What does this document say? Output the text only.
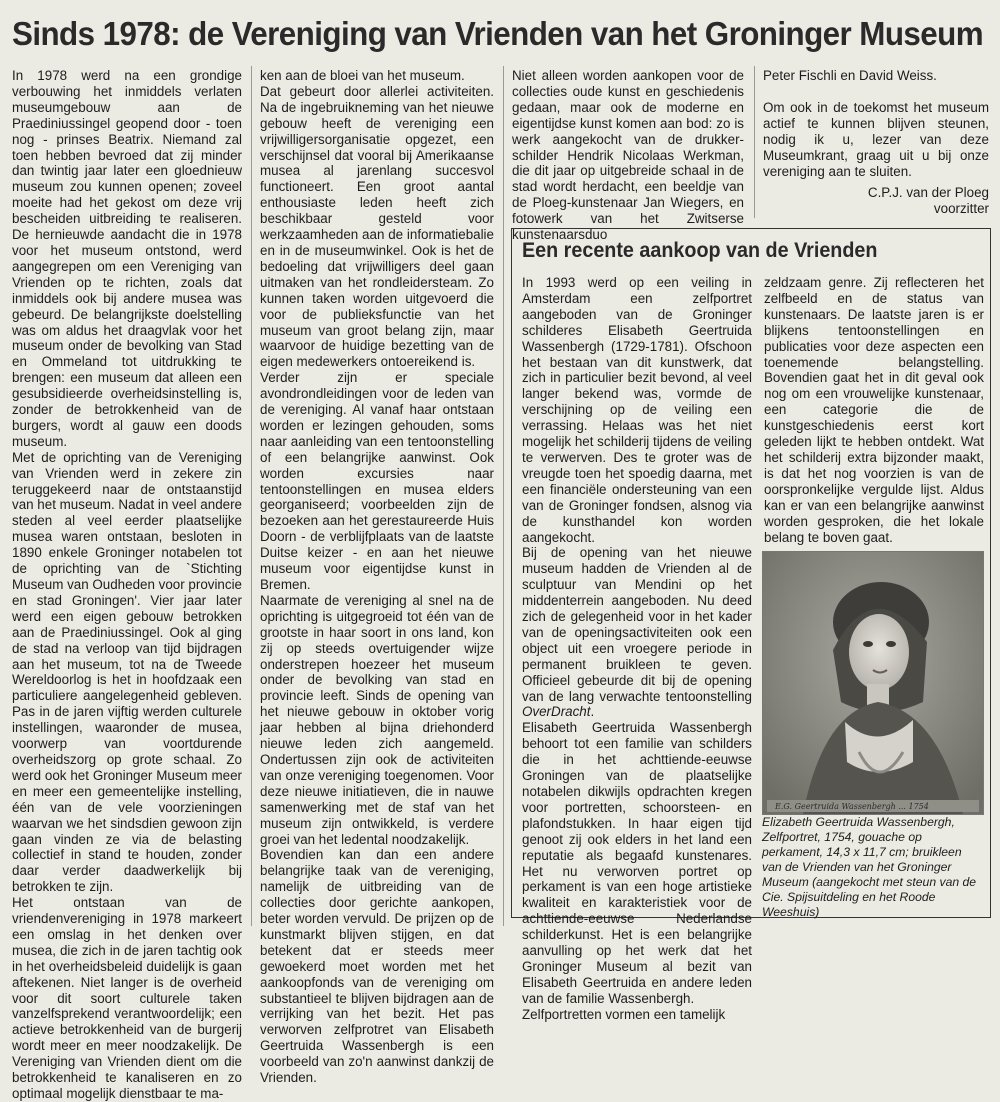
Sinds 1978: de Vereniging van Vrienden van het Groninger Museum

In 1978 werd na een grondige verbouwing het inmiddels verlaten museumgebouw aan de Praediniussingel geopend door - toen nog - prinses Beatrix. Niemand zal toen hebben bevroed dat zij minder dan twintig jaar later een gloednieuw museum zou kunnen openen; zoveel moeite had het gekost om deze vrij bescheiden uitbreiding te realiseren. De hernieuwde aandacht die in 1978 voor het museum ontstond, werd aangegrepen om een Vereniging van Vrienden op te richten, zoals dat inmiddels ook bij andere musea was gebeurd. De belangrijkste doelstelling was om aldus het draagvlak voor het museum onder de bevolking van Stad en Ommeland tot uitdrukking te brengen: een museum dat alleen een gesubsidieerde overheidsinstelling is, zonder de betrokkenheid van de burgers, wordt al gauw een doods museum.

Met de oprichting van de Vereniging van Vrienden werd in zekere zin teruggekeerd naar de ontstaanstijd van het museum. Nadat in veel andere steden al veel eerder plaatselijke musea waren ontstaan, besloten in 1890 enkele Groninger notabelen tot de oprichting van de `Stichting Museum van Oudheden voor provincie en stad Groningen'. Vier jaar later werd een eigen gebouw betrokken aan de Praediniussingel. Ook al ging de stad na verloop van tijd bijdragen aan het museum, tot na de Tweede Wereldoorlog is het in hoofdzaak een particuliere aangelegenheid gebleven. Pas in de jaren vijftig werden culturele instellingen, waaronder de musea, voorwerp van voortdurende overheidszorg op grote schaal. Zo werd ook het Groninger Museum meer en meer een gemeentelijke instelling, één van de vele voorzieningen waarvan we het sindsdien gewoon zijn gaan vinden ze via de belasting collectief in stand te houden, zonder daar verder daadwerkelijk bij betrokken te zijn.

Het ontstaan van de vriendenvereniging in 1978 markeert een omslag in het denken over musea, die zich in de jaren tachtig ook in het overheidsbeleid duidelijk is gaan aftekenen. Niet langer is de overheid voor dit soort culturele taken vanzelfsprekend verantwoordelijk; een actieve betrokkenheid van de burgerij wordt meer en meer noodzakelijk. De Vereniging van Vrienden dient om die betrokkenheid te kanaliseren en zo optimaal mogelijk dienstbaar te ma-

ken aan de bloei van het museum.

Dat gebeurt door allerlei activiteiten. Na de ingebruikneming van het nieuwe gebouw heeft de vereniging een vrijwilligersorganisatie opgezet, een verschijnsel dat vooral bij Amerikaanse musea al jarenlang succesvol functioneert. Een groot aantal enthousiaste leden heeft zich beschikbaar gesteld voor werkzaamheden aan de informatiebalie en in de museumwinkel. Ook is het de bedoeling dat vrijwilligers deel gaan uitmaken van het rondleidersteam. Zo kunnen taken worden uitgevoerd die voor de publieksfunctie van het museum van groot belang zijn, maar waarvoor de huidige bezetting van de eigen medewerkers ontoereikend is.

Verder zijn er speciale avondrondleidingen voor de leden van de vereniging. Al vanaf haar ontstaan worden er lezingen gehouden, soms naar aanleiding van een tentoonstelling of een belangrijke aanwinst. Ook worden excursies naar tentoonstellingen en musea elders georganiseerd; voorbeelden zijn de bezoeken aan het gerestaureerde Huis Doorn - de verblijfplaats van de laatste Duitse keizer - en aan het nieuwe museum voor eigentijdse kunst in Bremen.

Naarmate de vereniging al snel na de oprichting is uitgegroeid tot één van de grootste in haar soort in ons land, kon zij op steeds overtuigender wijze onderstrepen hoezeer het museum onder de bevolking van stad en provincie leeft. Sinds de opening van het nieuwe gebouw in oktober vorig jaar hebben al bijna driehonderd nieuwe leden zich aangemeld. Ondertussen zijn ook de activiteiten van onze vereniging toegenomen. Voor deze nieuwe initiatieven, die in nauwe samenwerking met de staf van het museum zijn ontwikkeld, is verdere groei van het ledental noodzakelijk.

Bovendien kan dan een andere belangrijke taak van de vereniging, namelijk de uitbreiding van de collecties door gerichte aankopen, beter worden vervuld. De prijzen op de kunstmarkt blijven stijgen, en dat betekent dat er steeds meer gewoekerd moet worden met het aankoopfonds van de vereniging om substantieel te blijven bijdragen aan de verrijking van het bezit. Het pas verworven zelfprotret van Elisabeth Geertruida Wassenbergh is een voorbeeld van zo'n aanwinst dankzij de Vrienden.

Niet alleen worden aankopen voor de collecties oude kunst en geschiedenis gedaan, maar ook de moderne en eigentijdse kunst komen aan bod: zo is werk aangekocht van de drukker-schilder Hendrik Nicolaas Werkman, die dit jaar op uitgebreide schaal in de stad wordt herdacht, een beeldje van de Ploeg-kunstenaar Jan Wiegers, en fotowerk van het Zwitserse kunstenaarsduo

Peter Fischli en David Weiss.

Om ook in de toekomst het museum actief te kunnen blijven steunen, nodig ik u, lezer van deze Museumkrant, graag uit u bij onze vereniging aan te sluiten.

C.P.J. van der Ploeg

voorzitter

Een recente aankoop van de Vrienden

In 1993 werd op een veiling in Amsterdam een zelfportret aangeboden van de Groninger schilderes Elisabeth Geertruida Wassenbergh (1729-1781). Ofschoon het bestaan van dit kunstwerk, dat zich in particulier bezit bevond, al veel langer bekend was, vormde de verschijning op de veiling een verrassing. Helaas was het niet mogelijk het schilderij tijdens de veiling te verwerven. Des te groter was de vreugde toen het spoedig daarna, met een financiële ondersteuning van een van de Groninger fondsen, alsnog via de kunsthandel kon worden aangekocht.

Bij de opening van het nieuwe museum hadden de Vrienden al de sculptuur van Mendini op het middenterrein aangeboden. Nu deed zich de gelegenheid voor in het kader van de openingsactiviteiten ook een object uit een vroegere periode in permanent bruikleen te geven. Officieel gebeurde dit bij de opening van de lang verwachte tentoonstelling OverDracht.

Elisabeth Geertruida Wassenbergh behoort tot een familie van schilders die in het achttiende-eeuwse Groningen van de plaatselijke notabelen dikwijls opdrachten kregen voor portretten, schoorsteen- en plafondstukken. In haar eigen tijd genoot zij ook elders in het land een reputatie als begaafd kunstenares. Het nu verworven portret op perkament is van een hoge artistieke kwaliteit en karakteristiek voor de achttiende-eeuwse Nederlandse schilderkunst. Het is een belangrijke aanvulling op het werk dat het Groninger Museum al bezit van Elisabeth Geertruida en andere leden van de familie Wassenbergh.

Zelfportretten vormen een tamelijk

zeldzaam genre. Zij reflecteren het zelfbeeld en de status van kunstenaars. De laatste jaren is er blijkens tentoonstellingen en publicaties voor deze aspecten een toenemende belangstelling. Bovendien gaat het in dit geval ook nog om een vrouwelijke kunstenaar, een categorie die de kunstgeschiedenis eerst kort geleden lijkt te hebben ontdekt. Wat het schilderij extra bijzonder maakt, is dat het nog voorzien is van de oorspronkelijke vergulde lijst. Aldus kan er van een belangrijke aanwinst worden gesproken, die het lokale belang te boven gaat.

E.G. Geertruida Wassenbergh ... 1754
Elizabeth Geertruida Wassenbergh, Zelfportret, 1754, gouache op perkament, 14,3 x 11,7 cm; bruikleen van de Vrienden van het Groninger Museum (aangekocht met steun van de Cie. Spijsuitdeling en het Roode Weeshuis)
